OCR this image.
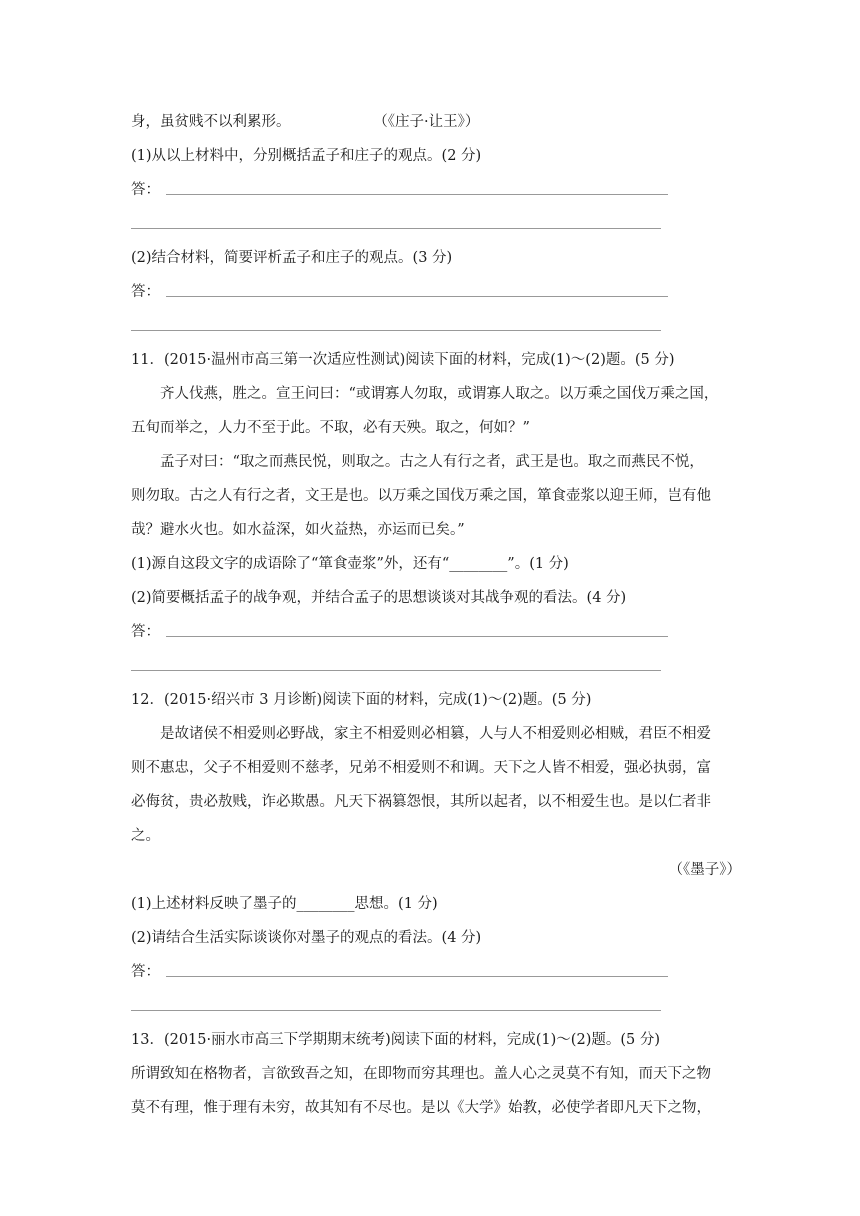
身，虽贫贱不以利累形。	（《庄子·让王》）
(1)从以上材料中，分别概括孟子和庄子的观点。(2 分)
答：
(2)结合材料，简要评析孟子和庄子的观点。(3 分)
答：
11．(2015·温州市高三第一次适应性测试)阅读下面的材料，完成(1)～(2)题。(5 分)
齐人伐燕，胜之。宣王问曰：“或谓寡人勿取，或谓寡人取之。以万乘之国伐万乘之国，
五旬而举之，人力不至于此。不取，必有天殃。取之，何如？”
孟子对曰：“取之而燕民悦，则取之。古之人有行之者，武王是也。取之而燕民不悦，
则勿取。古之人有行之者，文王是也。以万乘之国伐万乘之国，箪食壶浆以迎王师，岂有他
哉？避水火也。如水益深，如火益热，亦运而已矣。”
(1)源自这段文字的成语除了“箪食壶浆”外，还有“________”。(1 分)
(2)简要概括孟子的战争观，并结合孟子的思想谈谈对其战争观的看法。(4 分)
答：
12．(2015·绍兴市 3 月诊断)阅读下面的材料，完成(1)～(2)题。(5 分)
是故诸侯不相爱则必野战，家主不相爱则必相篡，人与人不相爱则必相贼，君臣不相爱
则不惠忠，父子不相爱则不慈孝，兄弟不相爱则不和调。天下之人皆不相爱，强必执弱，富
必侮贫，贵必敖贱，诈必欺愚。凡天下祸篡怨恨，其所以起者，以不相爱生也。是以仁者非
之。
（《墨子》）
(1)上述材料反映了墨子的________思想。(1 分)
(2)请结合生活实际谈谈你对墨子的观点的看法。(4 分)
答：
13．(2015·丽水市高三下学期期末统考)阅读下面的材料，完成(1)～(2)题。(5 分)
所谓致知在格物者，言欲致吾之知，在即物而穷其理也。盖人心之灵莫不有知，而天下之物
莫不有理，惟于理有未穷，故其知有不尽也。是以《大学》始教，必使学者即凡天下之物，
